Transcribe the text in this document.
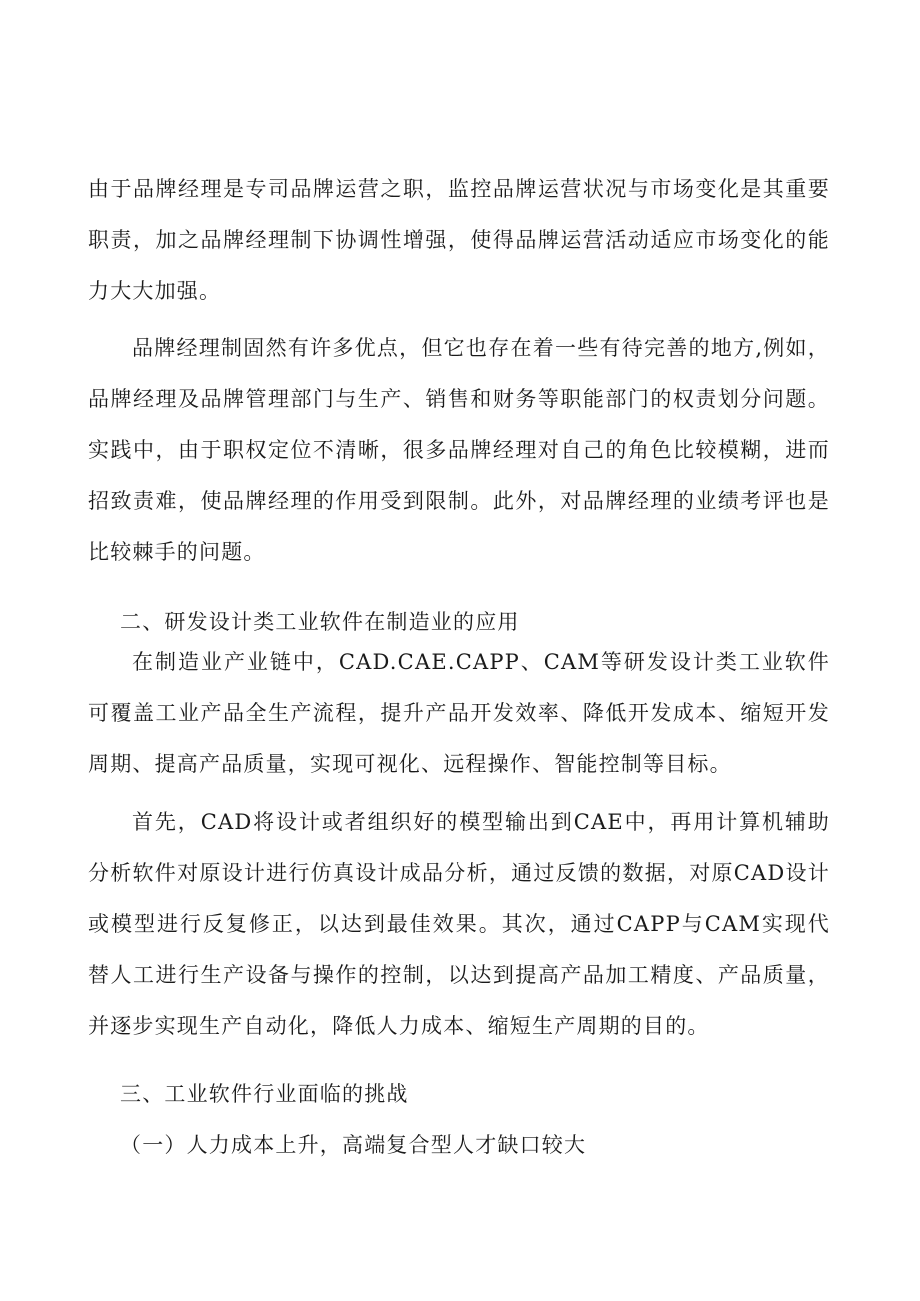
由于品牌经理是专司品牌运营之职，监控品牌运营状况与市场变化是其重要职责，加之品牌经理制下协调性增强，使得品牌运营活动适应市场变化的能力大大加强。

品牌经理制固然有许多优点，但它也存在着一些有待完善的地方,例如，品牌经理及品牌管理部门与生产、销售和财务等职能部门的权责划分问题。实践中，由于职权定位不清晰，很多品牌经理对自己的角色比较模糊，进而招致责难，使品牌经理的作用受到限制。此外，对品牌经理的业绩考评也是比较棘手的问题。

二、研发设计类工业软件在制造业的应用

在制造业产业链中，CAD.CAE.CAPP、CAM等研发设计类工业软件可覆盖工业产品全生产流程，提升产品开发效率、降低开发成本、缩短开发周期、提高产品质量，实现可视化、远程操作、智能控制等目标。

首先，CAD将设计或者组织好的模型输出到CAE中，再用计算机辅助分析软件对原设计进行仿真设计成品分析，通过反馈的数据，对原CAD设计或模型进行反复修正，以达到最佳效果。其次，通过CAPP与CAM实现代替人工进行生产设备与操作的控制，以达到提高产品加工精度、产品质量，并逐步实现生产自动化，降低人力成本、缩短生产周期的目的。

三、工业软件行业面临的挑战
（一）人力成本上升，高端复合型人才缺口较大
